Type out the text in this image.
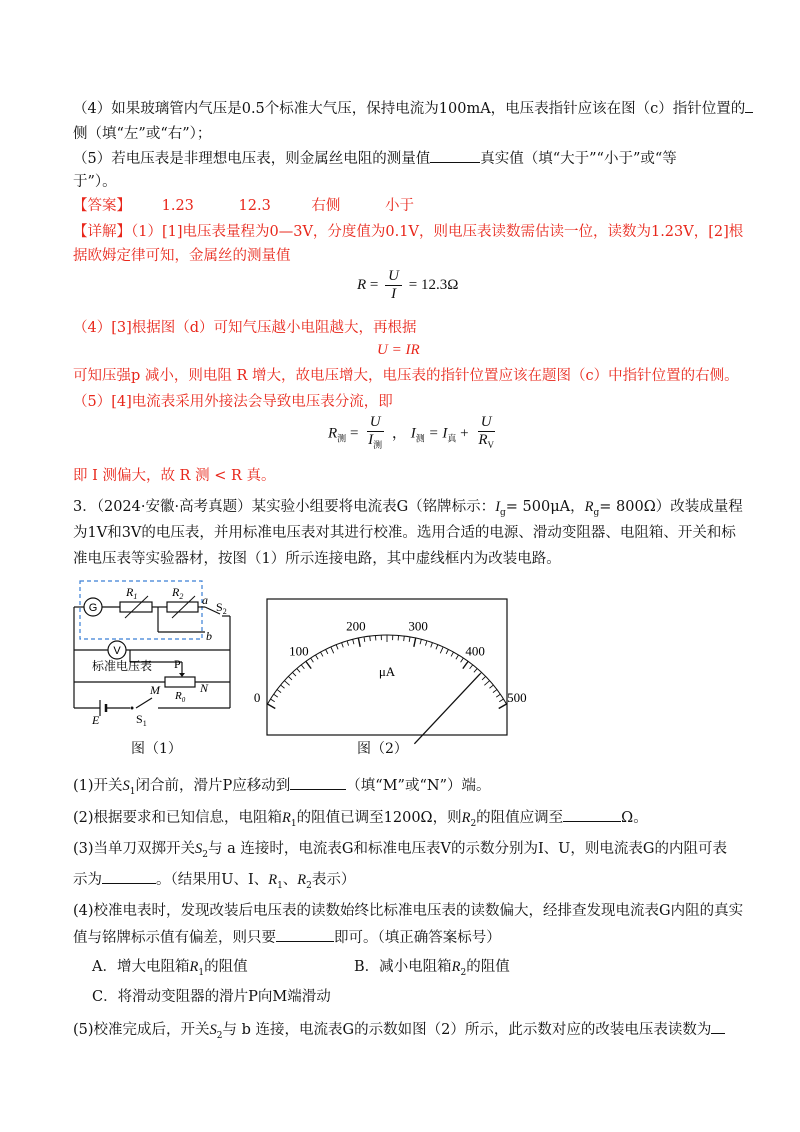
（4）如果玻璃管内气压是0.5个标准大气压，保持电流为100mA，电压表指针应该在图（c）指针位置的
侧（填“左”或“右”）；
（5）若电压表是非理想电压表，则金属丝电阻的测量值	真实值（填“大于”“小于”或“等
于”）。
【答案】 1.23	12.3	右侧	小于
【详解】（1）[1]电压表量程为0—3V，分度值为0.1V，则电压表读数需估读一位，读数为1.23V，[2]根
据欧姆定律可知，金属丝的测量值
$R = \frac{U}{I} = 12.3\Omega$
（4）[3]根据图（d）可知气压越小电阻越大，再根据
U = IR
可知压强p 减小，则电阻 R 增大，故电压增大，电压表的指针位置应该在题图（c）中指针位置的右侧。
（5）[4]电流表采用外接法会导致电压表分流，即
$R_测 = \frac{U}{I_测}$ ， $I_测 = I_真 + \frac{U}{R_V}$
即 I 测偏大，故 R 测 < R 真。
3．（2024·安徽·高考真题）某实验小组要将电流表G（铭牌标示：$I_g= 500\mu A$，$R_g= 800\Omega$）改装成量程
为1V和3V的电压表，并用标准电压表对其进行校准。选用合适的电源、滑动变阻器、电阻箱、开关和标
准电压表等实验器材，按图（1）所示连接电路，其中虚线框内为改装电路。
G
$R_1$	$R_2$ a
b
$S_2$
V
标准电压表 P
$R_0$
M	N
E	$S_1$
0
100
200	300
400
500
μA
图（1）	图（2）
(1)开关$S_1$闭合前，滑片P应移动到	（填“M”或“N”）端。
(2)根据要求和已知信息，电阻箱$R_1$的阻值已调至1200Ω，则$R_2$的阻值应调至	Ω。
(3)当单刀双掷开关$S_2$与 a 连接时，电流表G和标准电压表V的示数分别为I、U，则电流表G的内阻可表
示为	。（结果用U、I、$R_1$、$R_2$表示）
(4)校准电表时，发现改装后电压表的读数始终比标准电压表的读数偏大，经排查发现电流表G内阻的真实
值与铭牌标示值有偏差，则只要	即可。（填正确答案标号）
A．增大电阻箱$R_1$的阻值	B．减小电阻箱$R_2$的阻值
C．将滑动变阻器的滑片P向M端滑动
(5)校准完成后，开关$S_2$与 b 连接，电流表G的示数如图（2）所示，此示数对应的改装电压表读数为
